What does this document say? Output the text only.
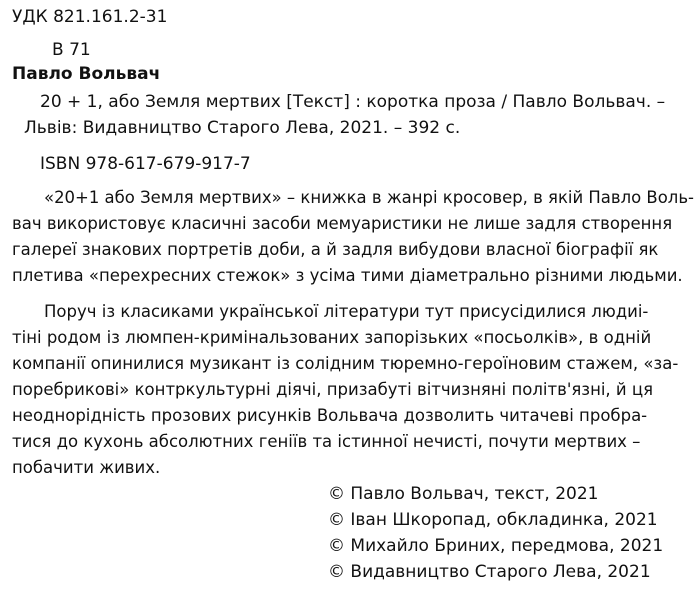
УДК 821.161.2-31
В 71
Павло Вольвач
20 + 1, або Земля мертвих [Текст] : коротка проза / Павло Вольвач. –
Львів: Видавництво Старого Лева, 2021. – 392 с.
ISBN 978-617-679-917-7
«20+1 або Земля мертвих» – книжка в жанрі кросовер, в якій Павло Воль-
вач використовує класичні засоби мемуаристики не лише задля створення
галереї знакових портретів доби, а й задля вибудови власної біографії як
плетива «перехресних стежок» з усіма тими діаметрально різними людьми.
Поруч із класиками української літератури тут присусідилися людиі-
тіні родом із люмпен-кримінальзованих запорізьких «посьолків», в одній
компанії опинилися музикант із солідним тюремно-героїновим стажем, «за-
поребрикові» контркультурні діячі, призабуті вітчизняні політв'язні, й ця
неоднорідність прозових рисунків Вольвача дозволить читачеві пробра-
тися до кухонь абсолютних геніїв та істинної нечисті, почути мертвих –
побачити живих.
© Павло Вольвач, текст, 2021
© Іван Шкоропад, обкладинка, 2021
© Михайло Бриних, передмова, 2021
© Видавництво Старого Лева, 2021
